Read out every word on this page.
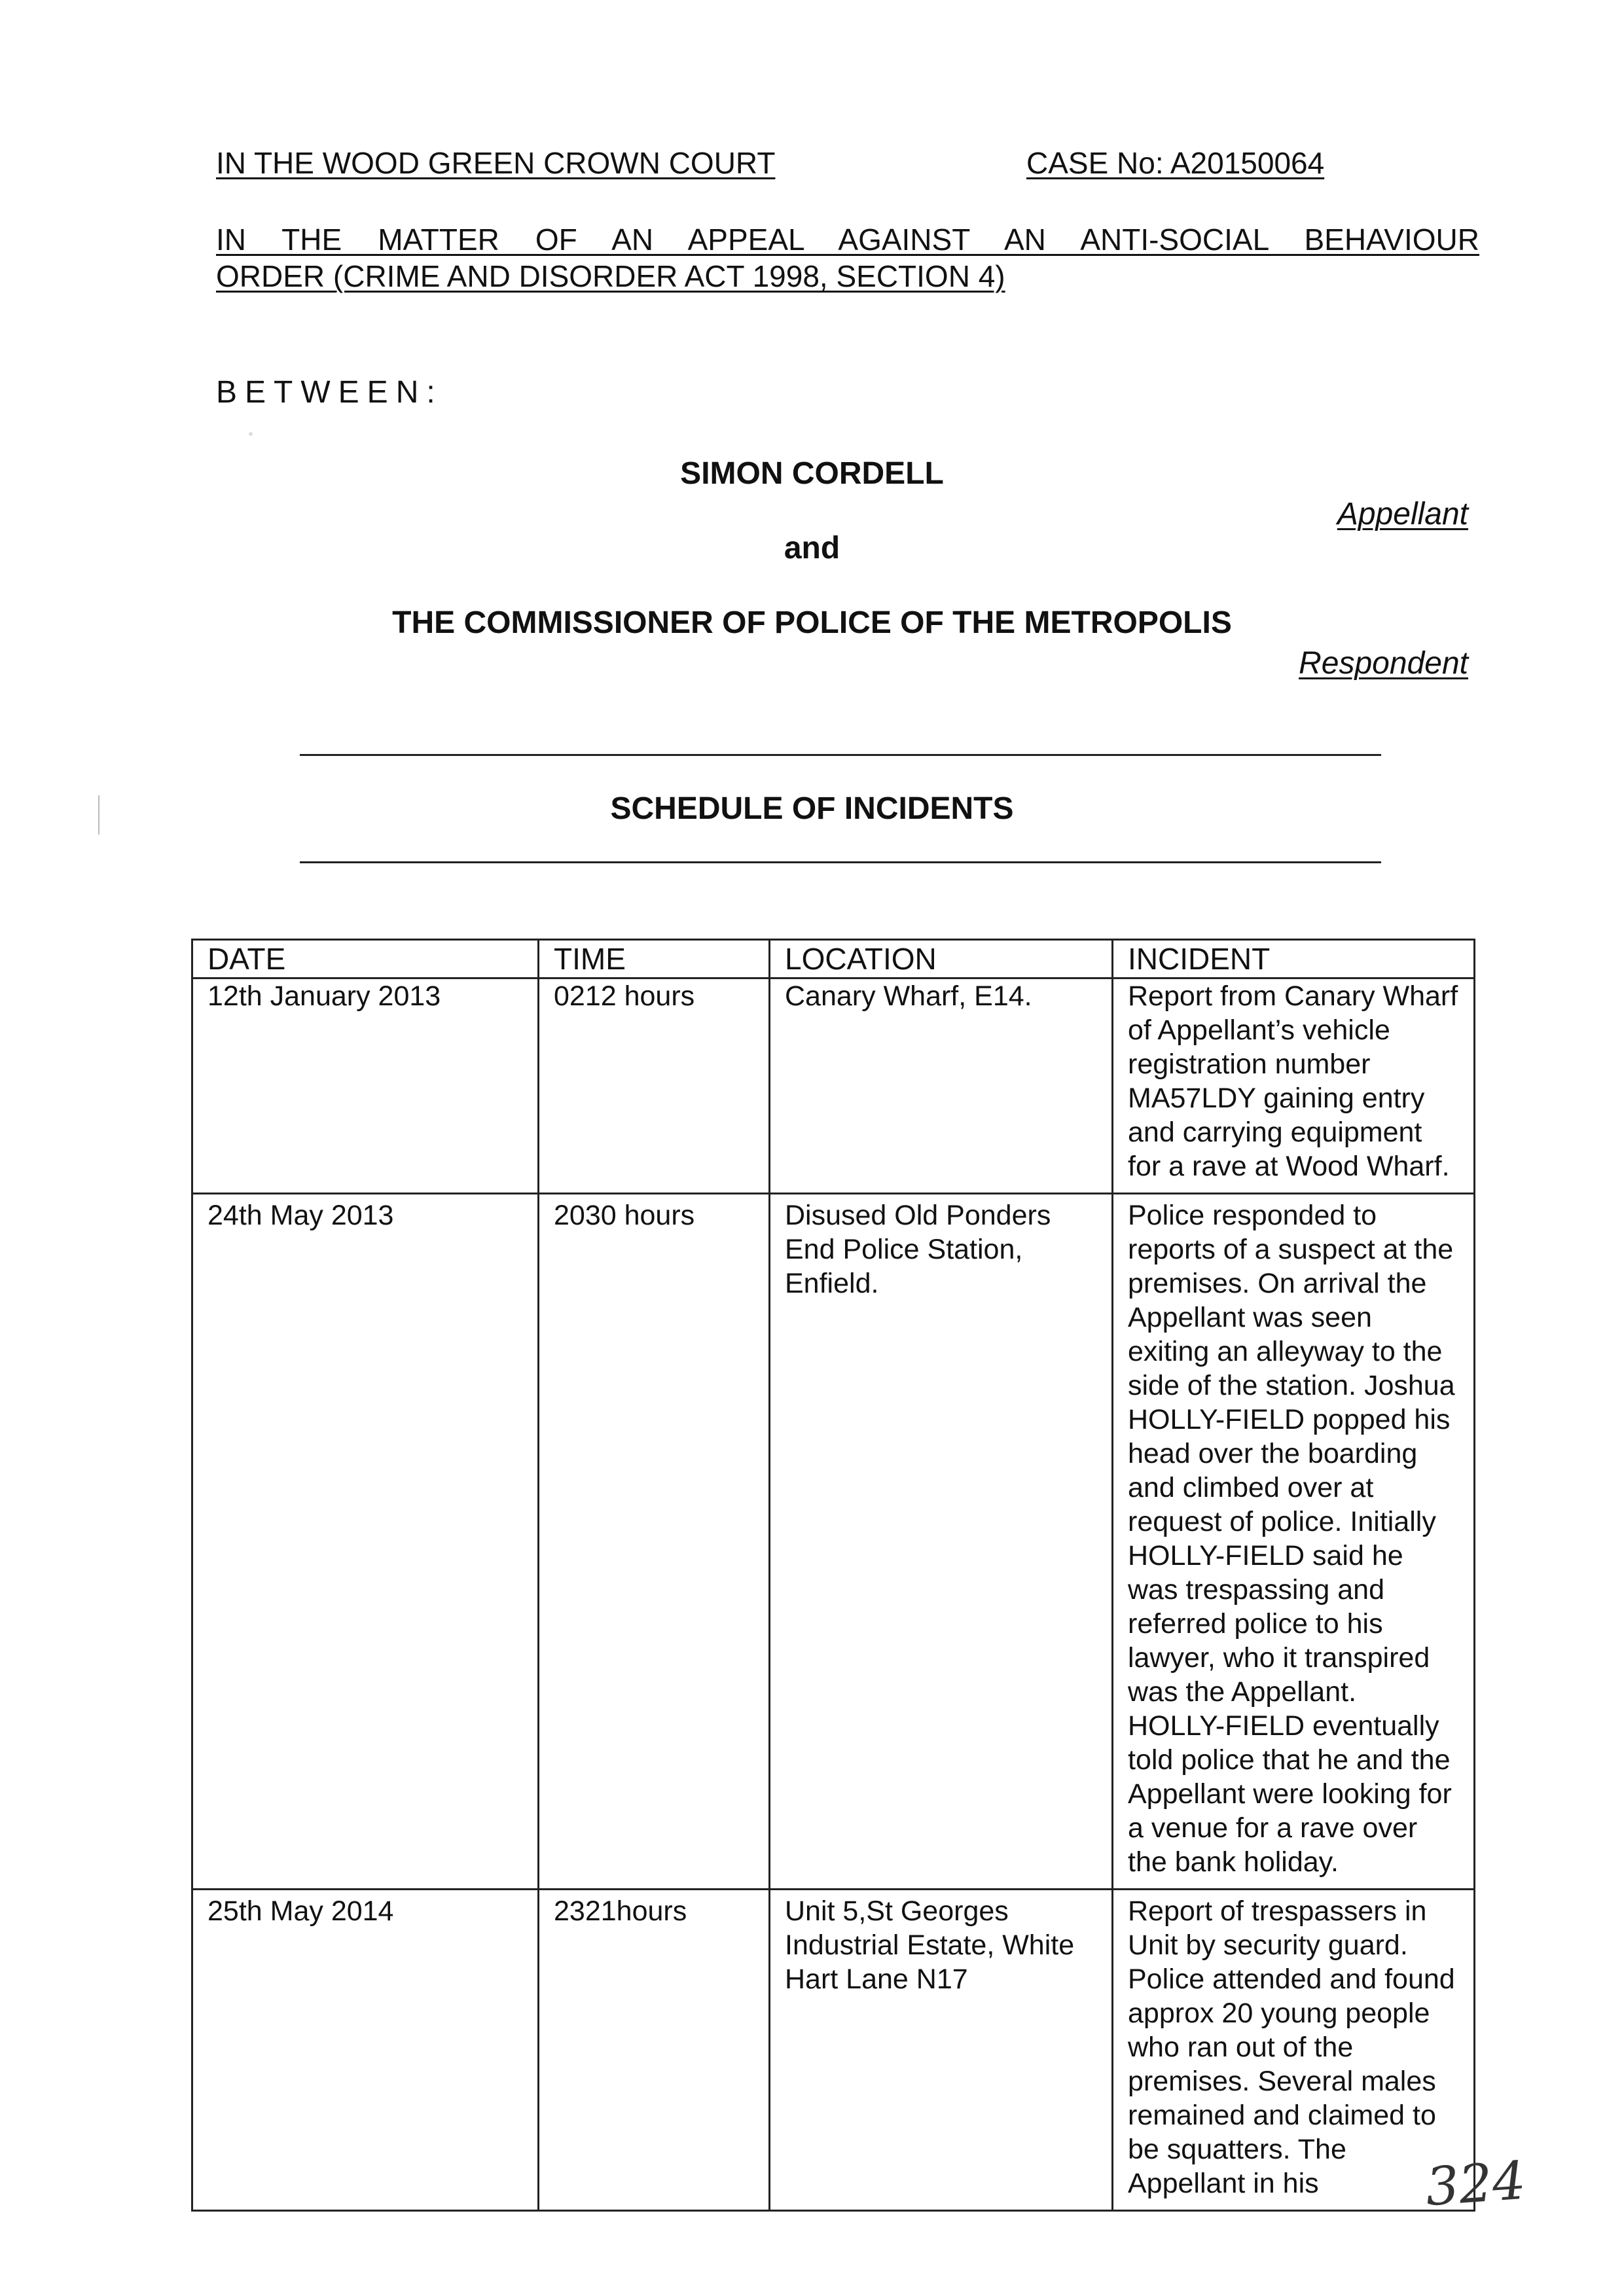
IN THE WOOD GREEN CROWN COURT	CASE No: A20150064
IN THE MATTER OF AN APPEAL AGAINST AN ANTI-SOCIAL BEHAVIOUR
ORDER (CRIME AND DISORDER ACT 1998, SECTION 4)
BETWEEN:
SIMON CORDELL
Appellant
and
THE COMMISSIONER OF POLICE OF THE METROPOLIS
Respondent
SCHEDULE OF INCIDENTS
DATE	TIME	LOCATION	INCIDENT
12th January 2013	0212 hours	Canary Wharf, E14.	Report from Canary Wharf of Appellant’s vehicle registration number MA57LDY gaining entry and carrying equipment for a rave at Wood Wharf.
24th May 2013	2030 hours	Disused Old Ponders End Police Station, Enfield.	Police responded to reports of a suspect at the premises. On arrival the Appellant was seen exiting an alleyway to the side of the station. Joshua HOLLY-FIELD popped his head over the boarding and climbed over at request of police. Initially HOLLY-FIELD said he was trespassing and referred police to his lawyer, who it transpired was the Appellant. HOLLY-FIELD eventually told police that he and the Appellant were looking for a venue for a rave over the bank holiday.
25th May 2014	2321hours	Unit 5,St Georges Industrial Estate, White Hart Lane N17	Report of trespassers in Unit by security guard. Police attended and found approx 20 young people who ran out of the premises. Several males remained and claimed to be squatters. The Appellant in his 324
